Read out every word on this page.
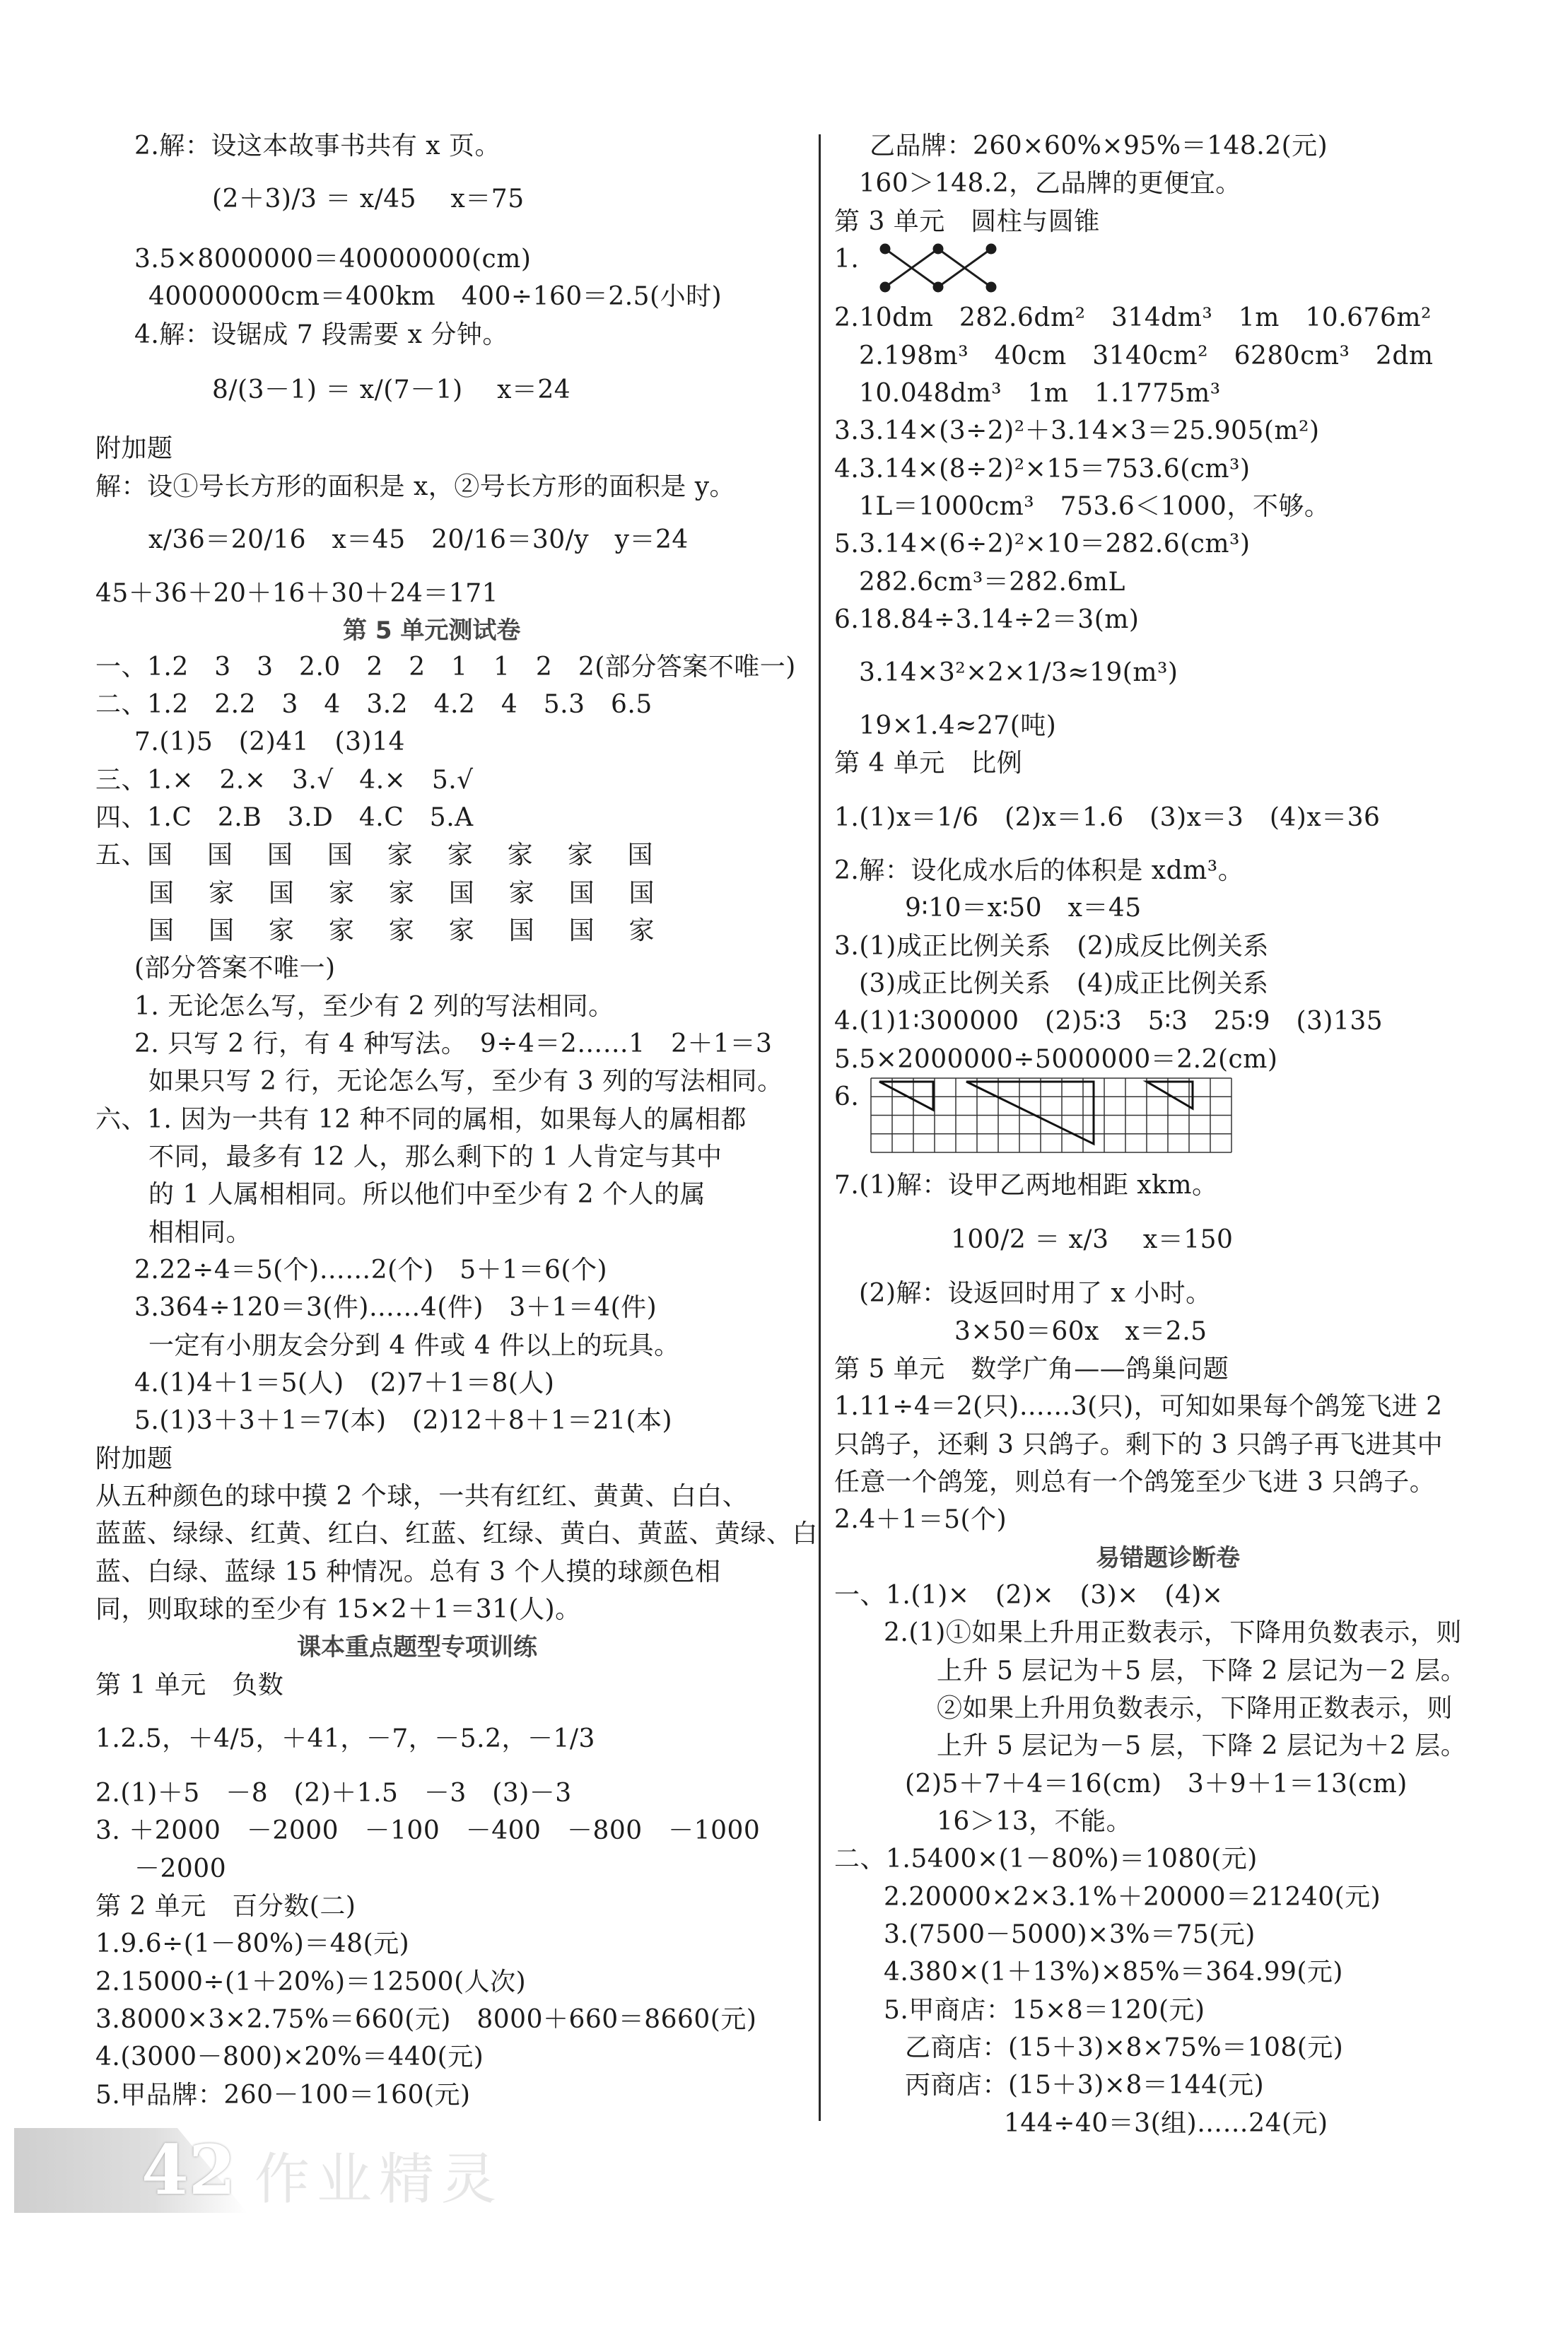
2.解：设这本故事书共有 x 页。
(2＋3)/3 ＝ x/45　 x＝75
3.5×8000000＝40000000(cm)
40000000cm＝400km　400÷160＝2.5(小时)
4.解：设锯成 7 段需要 x 分钟。
8/(3－1) ＝ x/(7－1)　 x＝24
附加题
解：设①号长方形的面积是 x，②号长方形的面积是 y。
x/36＝20/16　x＝45　20/16＝30/y　y＝24
45＋36＋20＋16＋30＋24＝171
第 5 单元测试卷
一、1.2　3　3　2.0　2　2　1　1　2　2(部分答案不唯一)
二、1.2　2.2　3　4　3.2　4.2　4　5.3　6.5
7.(1)5　(2)41　(3)14
三、1.×　2.×　3.√　4.×　5.√
四、1.C　2.B　3.D　4.C　5.A
五、国　 国　 国　 国　 家　 家　 家　 家　 国
国　 家　 国　 家　 家　 国　 家　 国　 国
国　 国　 家　 家　 家　 家　 国　 国　 家
(部分答案不唯一)
1. 无论怎么写，至少有 2 列的写法相同。
2. 只写 2 行，有 4 种写法。　9÷4＝2……1　2＋1＝3
如果只写 2 行，无论怎么写，至少有 3 列的写法相同。
六、1. 因为一共有 12 种不同的属相，如果每人的属相都
不同，最多有 12 人，那么剩下的 1 人肯定与其中
的 1 人属相相同。所以他们中至少有 2 个人的属
相相同。
2.22÷4＝5(个)……2(个)　5＋1＝6(个)
3.364÷120＝3(件)……4(件)　3＋1＝4(件)
一定有小朋友会分到 4 件或 4 件以上的玩具。
4.(1)4＋1＝5(人)　(2)7＋1＝8(人)
5.(1)3＋3＋1＝7(本)　(2)12＋8＋1＝21(本)
附加题
从五种颜色的球中摸 2 个球，一共有红红、黄黄、白白、
蓝蓝、绿绿、红黄、红白、红蓝、红绿、黄白、黄蓝、黄绿、白
蓝、白绿、蓝绿 15 种情况。总有 3 个人摸的球颜色相
同，则取球的至少有 15×2＋1＝31(人)。
课本重点题型专项训练
第 1 单元　负数
1.2.5，＋4/5，＋41，－7，－5.2，－1/3
2.(1)＋5　－8　(2)＋1.5　－3　(3)－3
3. ＋2000　－2000　－100　－400　－800　－1000
－2000
第 2 单元　百分数(二)
1.9.6÷(1－80%)＝48(元)
2.15000÷(1＋20%)＝12500(人次)
3.8000×3×2.75%＝660(元)　8000＋660＝8660(元)
4.(3000－800)×20%＝440(元)
5.甲品牌：260－100＝160(元)
乙品牌：260×60%×95%＝148.2(元)
160＞148.2，乙品牌的更便宜。
第 3 单元　圆柱与圆锥
1.
2.10dm　282.6dm²　314dm³　1m　10.676m²
2.198m³　40cm　3140cm²　6280cm³　2dm
10.048dm³　1m　1.1775m³
3.3.14×(3÷2)²＋3.14×3＝25.905(m²)
4.3.14×(8÷2)²×15＝753.6(cm³)
1L＝1000cm³　753.6＜1000，不够。
5.3.14×(6÷2)²×10＝282.6(cm³)
282.6cm³＝282.6mL
6.18.84÷3.14÷2＝3(m)
3.14×3²×2×1/3≈19(m³)
19×1.4≈27(吨)
第 4 单元　比例
1.(1)x＝1/6　(2)x＝1.6　(3)x＝3　(4)x＝36
2.解：设化成水后的体积是 xdm³。
9∶10＝x∶50　x＝45
3.(1)成正比例关系　(2)成反比例关系
(3)成正比例关系　(4)成正比例关系
4.(1)1∶300000　(2)5∶3　5∶3　25∶9　(3)135
5.5×2000000÷5000000＝2.2(cm)
6.
7.(1)解：设甲乙两地相距 xkm。
100/2 ＝ x/3　 x＝150
(2)解：设返回时用了 x 小时。
3×50＝60x　x＝2.5
第 5 单元　数学广角——鸽巢问题
1.11÷4＝2(只)……3(只)，可知如果每个鸽笼飞进 2
只鸽子，还剩 3 只鸽子。剩下的 3 只鸽子再飞进其中
任意一个鸽笼，则总有一个鸽笼至少飞进 3 只鸽子。
2.4＋1＝5(个)
易错题诊断卷
一、1.(1)×　(2)×　(3)×　(4)×
2.(1)①如果上升用正数表示，下降用负数表示，则
上升 5 层记为＋5 层，下降 2 层记为－2 层。
②如果上升用负数表示，下降用正数表示，则
上升 5 层记为－5 层，下降 2 层记为＋2 层。
(2)5＋7＋4＝16(cm)　3＋9＋1＝13(cm)
16＞13，不能。
二、1.5400×(1－80%)＝1080(元)
2.20000×2×3.1%＋20000＝21240(元)
3.(7500－5000)×3%＝75(元)
4.380×(1＋13%)×85%＝364.99(元)
5.甲商店：15×8＝120(元)
乙商店：(15＋3)×8×75%＝108(元)
丙商店：(15＋3)×8＝144(元)
144÷40＝3(组)……24(元)
42 作业精灵
